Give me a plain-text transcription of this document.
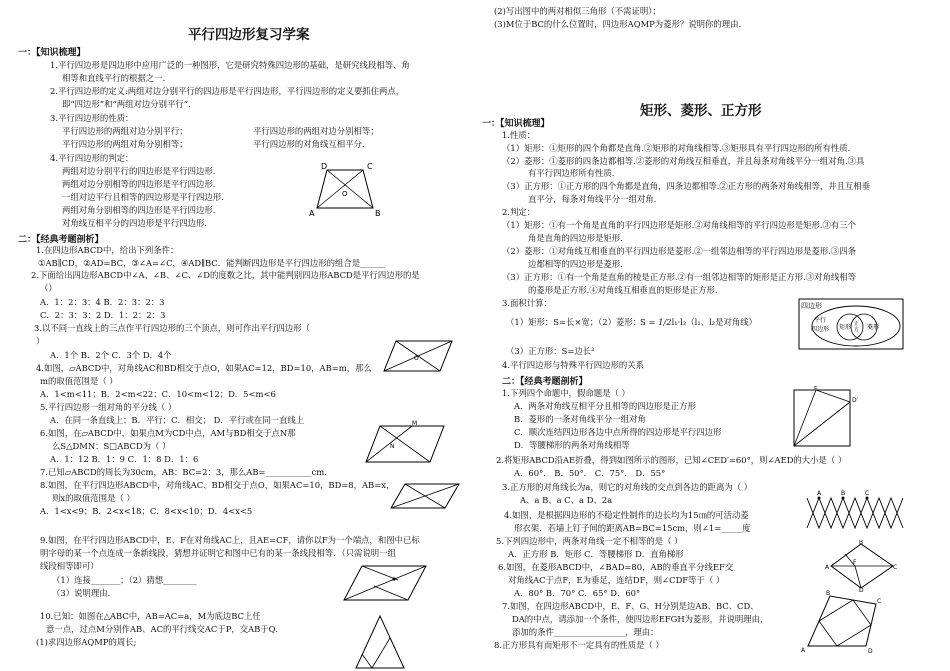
平行四边形复习学案
一：【知识梳理】
1.平行四边形是四边形中应用广泛的一种图形，它是研究特殊四边形的基础，是研究线段相等、角
相等和直线平行的根据之一.
2.平行四边形的定义:两组对边分别平行的四边形是平行四边形，平行四边形的定义要抓住两点，
即“四边形”和“两组对边分别平行”.
3.平行四边形的性质：
平行四边形的两组对边分别平行；	平行四边形的两组对边分别相等；
平行四边形的两组对角分别相等；	平行四边形的对角线互相平分.
4.平行四边形的判定：
两组对边分别平行的四边形是平行四边形.
两组对边分别相等的四边形是平行四边形.
一组对边平行且相等的四边形是平行四边形.
两组对角分别相等的四边形是平行四边形.
对角线互相平分的四边形是平行四边形.
A	B
C
D
O
二：【经典考题剖析】
1.在四边形ABCD中，给出下列条件：
①AB∥CD，②AD=BC，③∠A=∠C，④AD∥BC．能判断四边形是平行四边形的组合是______
2.下面给出四边形ABCD中∠A、∠B、∠C、∠D的度数之比，其中能判别四边形ABCD是平行四边形的是
（）
A．1：2：3：4 B．2：3：2：3
C．2：3：3：2 D．1：2：2：3
3.以不同一直线上的三点作平行四边形的三个顶点，则可作出平行四边形（
）
A．1个 B．2个 C．3个 D．4个
4.如图，▱ABCD中，对角线AC和BD相交于点O，如果AC=12，BD=10，AB=m，那么
m的取值范围是（ ）
A．1<m<11；B．2<m<22；C．10<m<12；D．5<m<6
5.平行四边形一组对角的平分线（ ）
A．在同一条直线上；B．平行；C．相交； D．平行或在同一直线上
6.如图，在▱ABCD中，如果点M为CD中点，AM与BD相交于点N那
么S△DMN：S□ABCD为（ ）
A．1：12 B．1：9 C．1：8 D．1：6
7.已知▱ABCD的周长为30cm，AB：BC=2：3，那么AB=___________cm．
8.如图，在平行四边形ABCD中，对角线AC、BD相交于点O，如果AC=10，BD=8，AB=x，
则x的取值范围是（ ）
A．1<x<9；B．2<x<18；C．8<x<10；D．4<x<5
9.如图，在平行四边形ABCD中，E、F在对角线AC上，且AE=CF，请你以F为一个端点，和图中已标
明字母的某一个点连成一条新线段，猜想并证明它和图中已有的某一条线段相等．（只需说明一组
线段相等即可）
（1）连接_______；（2）猜想________
（3）说明理由.
10.已知：如图在△ABC中，AB=AC=a，M为底边BC上任
意一点，过点M分别作AB、AC的平行线交AC于P，交AB于Q.
(1)求四边形AQMP的周长;
O
N
M
(2)写出图中的两对相似三角形（不需证明）；
(3)M位于BC的什么位置时，四边形AQMP为菱形？说明你的理由.
矩形、菱形、正方形
一：【知识梳理】
1.性质：
（1）矩形：①矩形的四个角都是直角.②矩形的对角线相等.③矩形具有平行四边形的所有性质.
（2）菱形：①菱形的四条边都相等.②菱形的对角线互相垂直，并且每条对角线平分一组对角.③具
有平行四边形所有性质.
（3）正方形：①正方形的四个角都是直角，四条边都相等.②正方形的两条对角线相等，并且互相垂
直平分，每条对角线平分一组对角.
2.判定：
（1）矩形：①有一个角是直角的平行四边形是矩形.②对角线相等的平行四边形是矩形.③有三个
角是直角的四边形是矩形.
（2）菱形：①对角线互相垂直的平行四边形是菱形.②一组邻边相等的平行四边形是菱形.③四条
边都相等的四边形是菱形.
（3）正方形：①有一个角是直角的棱是正方形.②有一组邻边相等的矩形是正方形.③对角线相等
的菱形是正方形.④对角线互相垂直的矩形是正方形.
3.面积计算：
（1）矩形：S=长×宽；（2）菱形：
S = 1/2l₁·l₂（l₁、l₂是对角线）
（3）正方形：S=边长²
4.平行四边形与特殊平行四边形的关系
四边形
平行
四边形 矩形 正
方 菱形
二：【经典考题剖析】
1.下列四个命题中，假命题是（ ）
A．两条对角线互相平分且相等的四边形是正方形
B．菱形的一条对角线平分一组对角
C．顺次连结四边形各边中点所得的四边形是平行四边形
D．等腰梯形的两条对角线相等
2.将矩形ABCD沿AE折叠，得到如图所示的图形，已知∠CED′=60°，则∠AED的大小是（ ）
A．60°． B．50°． C．75°． D．55°
3.正方形的对角线长为a，则它的对角线的交点到各边的距离为（ ）
A、a B、a C、a D、2a
4.如图，是根据四边形的不稳定性制作的边长均为15㎝的可活动菱
形衣架．若墙上钉子间的距离AB=BC=15cm，则∠1=_____度
5.下列四边形中，两条对角线一定不相等的是（ ）
A．正方形 B．矩形 C．等腰梯形 D．直角梯形
6.如图，在菱形ABCD中，∠BAD=80，AB的垂直平分线EF交
对角线AC于点F，E为垂足，连结DF，则∠CDF等于（ ）
A．80° B．70° C．65° D．60°
7.如图，在四边形ABCD中，E、F、G、H分别是边AB、BC、CD、
DA的中点，请添加一个条件，使四边形EFGH为菱形，并说明理由，
添加的条件_________________，理由：
8.正方形具有而矩形不一定具有的性质是（ ）
E
D′
A	B	C
A
B
C
D
F
A
B
C
D
